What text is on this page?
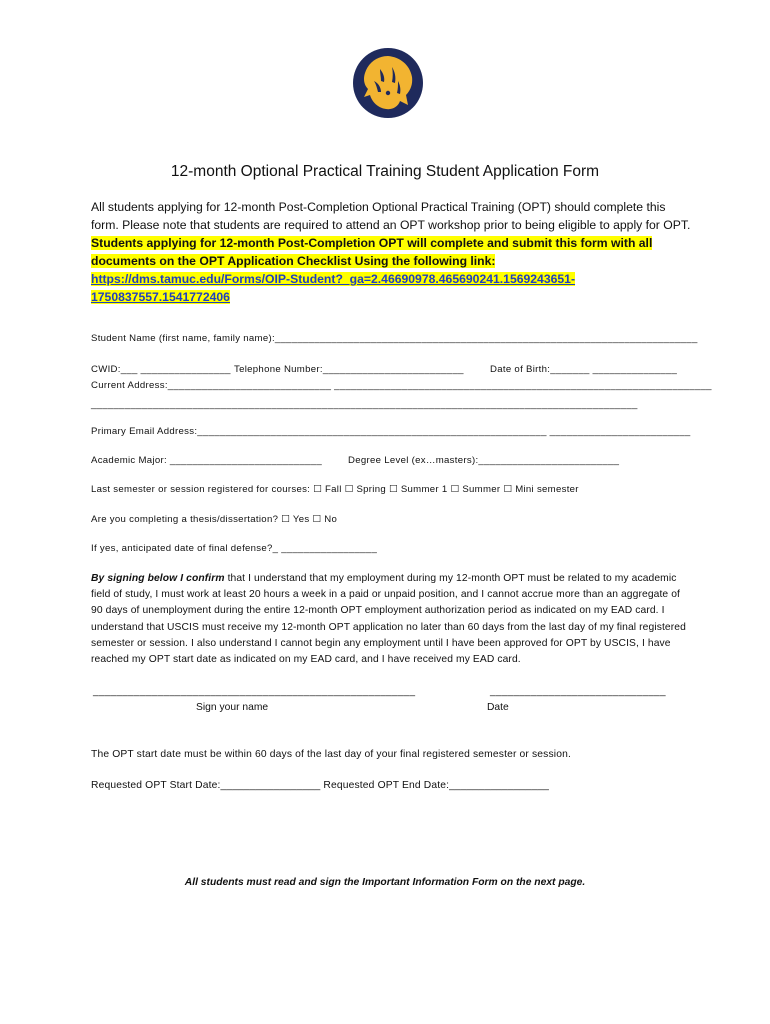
12-month Optional Practical Training Student Application Form
All students applying for 12-month Post-Completion Optional Practical Training (OPT) should complete this form. Please note that students are required to attend an OPT workshop prior to being eligible to apply for OPT. Students applying for 12-month Post-Completion OPT will complete and submit this form with all documents on the OPT Application Checklist Using the following link: https://dms.tamuc.edu/Forms/OIP-Student?_ga=2.46690978.465690241.1569243651-1750837557.1541772406
Student Name (first name, family name):___________________________________________________________________________
CWID:___ ________________ Telephone Number:_________________________	Date of Birth:_______ _______________
Current Address:_____________________________ ___________________________________________________________________
_________________________________________________________________________________________________
Primary Email Address:______________________________________________________________ _________________________
Academic Major: ___________________________	Degree Level (ex…masters):_________________________
Last semester or session registered for courses: ☐ Fall ☐ Spring ☐ Summer 1 ☐ Summer ☐ Mini semester
Are you completing a thesis/dissertation? ☐ Yes ☐ No
If yes, anticipated date of final defense?_ _________________
By signing below I confirm that I understand that my employment during my 12-month OPT must be related to my academic field of study, I must work at least 20 hours a week in a paid or unpaid position, and I cannot accrue more than an aggregate of 90 days of unemployment during the entire 12-month OPT employment authorization period as indicated on my EAD card. I understand that USCIS must receive my 12-month OPT application no later than 60 days from the last day of my final registered semester or session. I also understand I cannot begin any employment until I have been approved for OPT by USCIS, I have reached my OPT start date as indicated on my EAD card, and I have received my EAD card.
_______________________________________________________
Sign your name
______________________________
Date
The OPT start date must be within 60 days of the last day of your final registered semester or session.
Requested OPT Start Date:_________________ Requested OPT End Date:_________________
All students must read and sign the Important Information Form on the next page.
